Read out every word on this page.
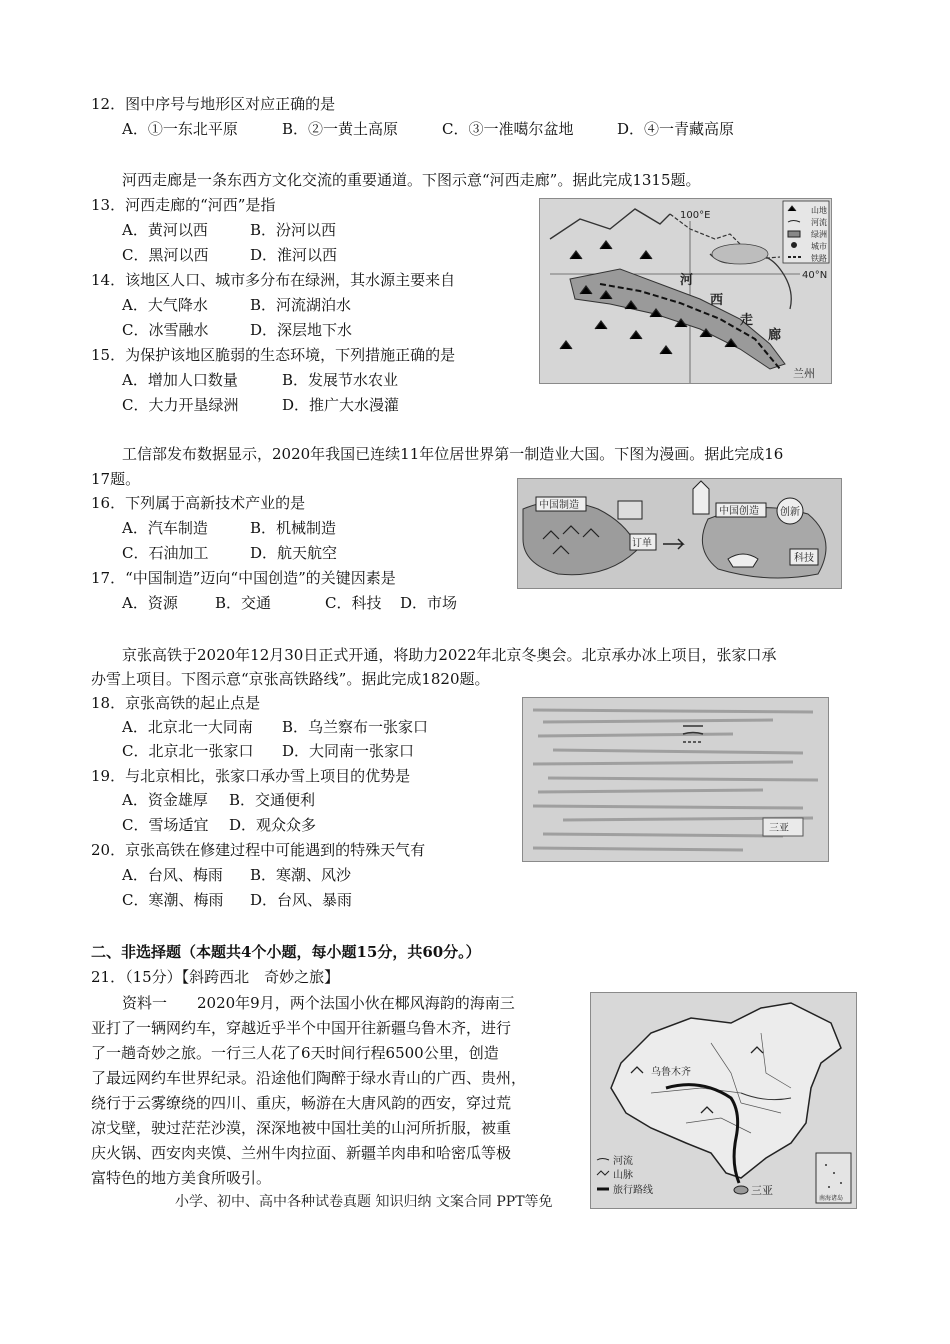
12．图中序号与地形区对应正确的是
A．①一东北平原	B．②一黄土高原	C．③一准噶尔盆地	D．④一青藏高原
河西走廊是一条东西方文化交流的重要通道。下图示意“河西走廊”。据此完成1315题。
13．河西走廊的“河西”是指
A．黄河以西	B．汾河以西
C．黑河以西	D．淮河以西
14．该地区人口、城市多分布在绿洲，其水源主要来自
A．大气降水	B．河流湖泊水
C．冰雪融水	D．深层地下水
15．为保护该地区脆弱的生态环境，下列措施正确的是
A．增加人口数量	B．发展节水农业
C．大力开垦绿洲	D．推广大水漫灌
100°E
40°N
兰州
河
西
走
廊
山地
河流
绿洲
城市
铁路
工信部发布数据显示，2020年我国已连续11年位居世界第一制造业大国。下图为漫画。据此完成16
17题。
16．下列属于高新技术产业的是
A．汽车制造	B．机械制造
C．石油加工	D．航天航空
17．“中国制造”迈向“中国创造”的关键因素是
A．资源 B．交通	C．科技 D．市场
中国制造
订单
中国创造 创新
科技
京张高铁于2020年12月30日正式开通，将助力2022年北京冬奥会。北京承办冰上项目，张家口承
办雪上项目。下图示意“京张高铁路线”。据此完成1820题。
18．京张高铁的起止点是
A．北京北一大同南 B．乌兰察布一张家口
C．北京北一张家口 D．大同南一张家口
19．与北京相比，张家口承办雪上项目的优势是
A．资金雄厚 B．交通便利
C．雪场适宜 D．观众众多
20．京张高铁在修建过程中可能遇到的特殊天气有
A．台风、梅雨 B．寒潮、风沙
C．寒潮、梅雨 D．台风、暴雨
三亚
二、非选择题（本题共4个小题，每小题15分，共60分。）
21．（15分）【斜跨西北　奇妙之旅】
资料一　　2020年9月，两个法国小伙在椰风海韵的海南三
亚打了一辆网约车，穿越近乎半个中国开往新疆乌鲁木齐，进行
了一趟奇妙之旅。一行三人花了6天时间行程6500公里，创造
了最远网约车世界纪录。沿途他们陶醉于绿水青山的广西、贵州，
绕行于云雾缭绕的四川、重庆，畅游在大唐风韵的西安，穿过荒
凉戈壁，驶过茫茫沙漠，深深地被中国壮美的山河所折服，被重
庆火锅、西安肉夹馍、兰州牛肉拉面、新疆羊肉串和哈密瓜等极
富特色的地方美食所吸引。
乌鲁木齐
三亚
河流
山脉
旅行路线
南海诸岛
小学、初中、高中各种试卷真题 知识归纳 文案合同 PPT等免
